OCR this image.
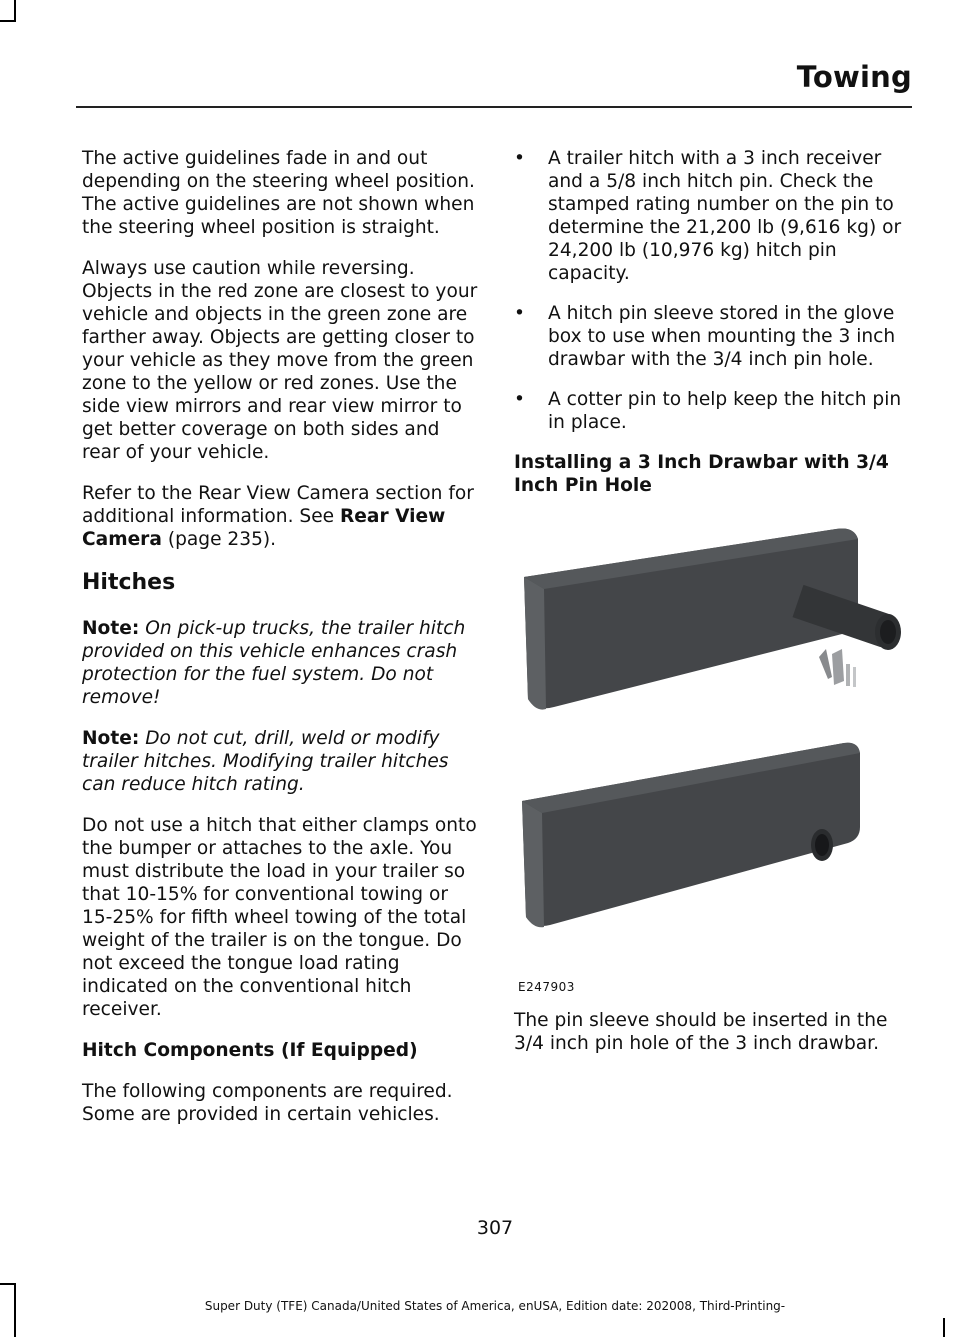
Towing

The active guidelines fade in and out depending on the steering wheel position. The active guidelines are not shown when the steering wheel position is straight.

Always use caution while reversing. Objects in the red zone are closest to your vehicle and objects in the green zone are farther away. Objects are getting closer to your vehicle as they move from the green zone to the yellow or red zones. Use the side view mirrors and rear view mirror to get better coverage on both sides and rear of your vehicle.

Refer to the Rear View Camera section for additional information. See Rear View Camera (page 235).

Hitches

Note: On pick-up trucks, the trailer hitch provided on this vehicle enhances crash protection for the fuel system. Do not remove!

Note: Do not cut, drill, weld or modify trailer hitches. Modifying trailer hitches can reduce hitch rating.

Do not use a hitch that either clamps onto the bumper or attaches to the axle. You must distribute the load in your trailer so that 10-15% for conventional towing or 15-25% for fifth wheel towing of the total weight of the trailer is on the tongue. Do not exceed the tongue load rating indicated on the conventional hitch receiver.

Hitch Components (If Equipped)

The following components are required. Some are provided in certain vehicles.

• A trailer hitch with a 3 inch receiver and a 5/8 inch hitch pin. Check the stamped rating number on the pin to determine the 21,200 lb (9,616 kg) or 24,200 lb (10,976 kg) hitch pin capacity.
• A hitch pin sleeve stored in the glove box to use when mounting the 3 inch drawbar with the 3/4 inch pin hole.
• A cotter pin to help keep the hitch pin in place.
Installing a 3 Inch Drawbar with 3/4 Inch Pin Hole
E247903

The pin sleeve should be inserted in the 3/4 inch pin hole of the 3 inch drawbar.

307
Super Duty (TFE) Canada/United States of America, enUSA, Edition date: 202008, Third-Printing-
